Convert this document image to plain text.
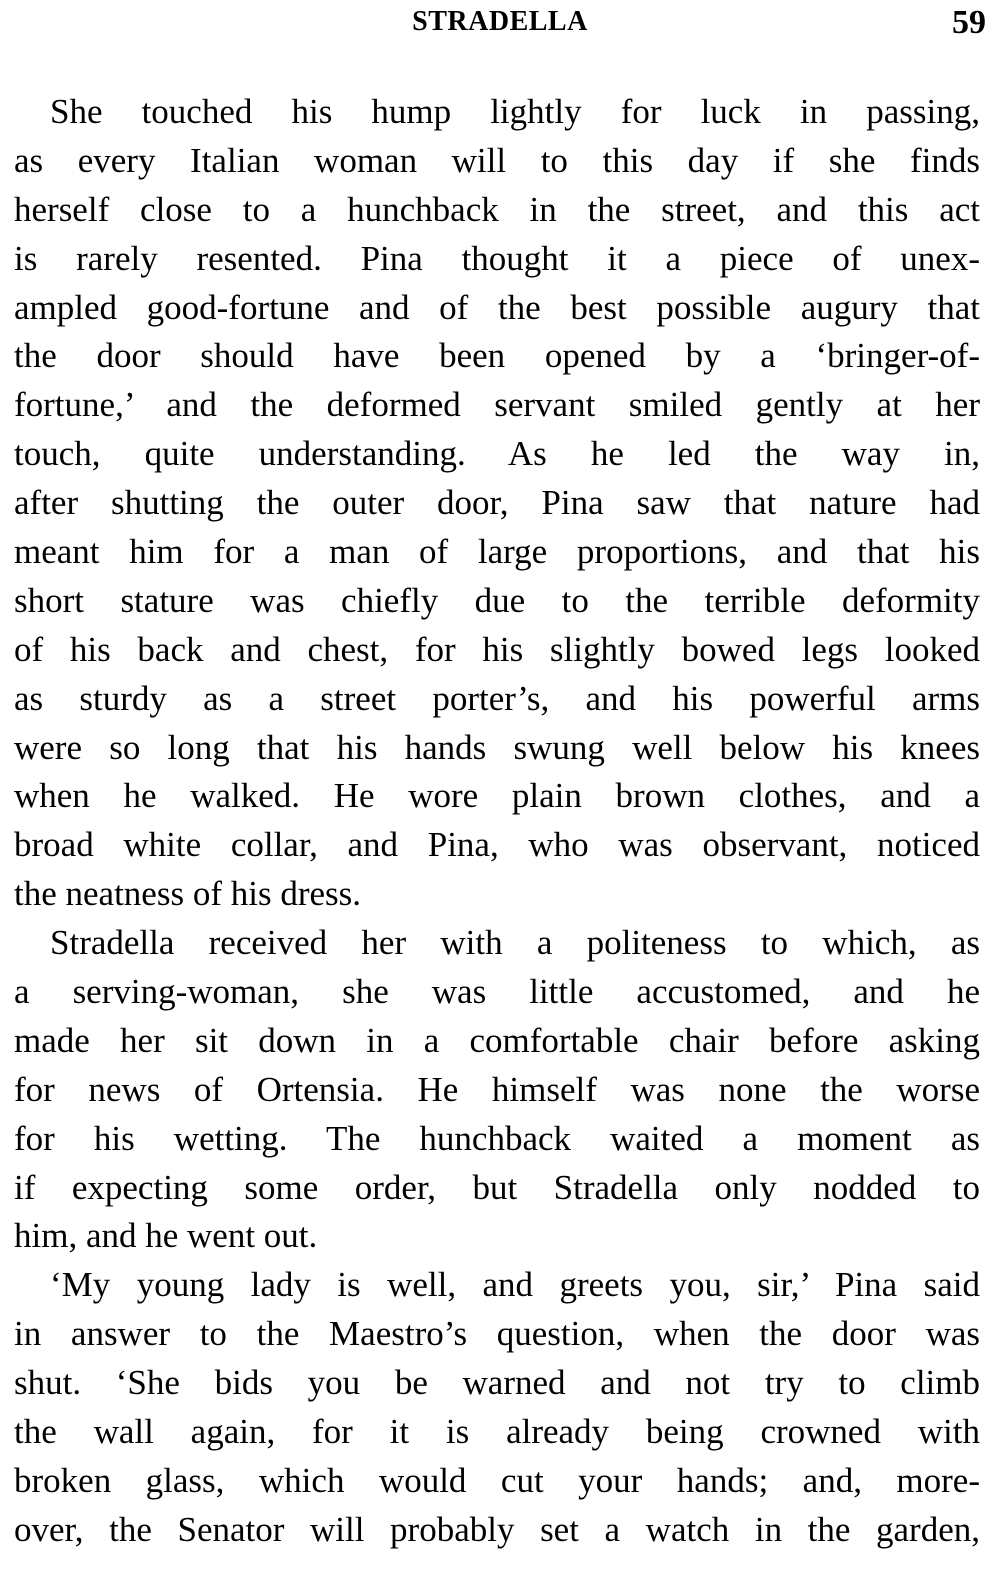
STRADELLA	59
She touched his hump lightly for luck in passing,
as every Italian woman will to this day if she finds
herself close to a hunchback in the street, and this act
is rarely resented. Pina thought it a piece of unex-
ampled good-fortune and of the best possible augury that
the door should have been opened by a ‘bringer-of-
fortune,’ and the deformed servant smiled gently at her
touch, quite understanding. As he led the way in,
after shutting the outer door, Pina saw that nature had
meant him for a man of large proportions, and that his
short stature was chiefly due to the terrible deformity
of his back and chest, for his slightly bowed legs looked
as sturdy as a street porter’s, and his powerful arms
were so long that his hands swung well below his knees
when he walked. He wore plain brown clothes, and a
broad white collar, and Pina, who was observant, noticed
the neatness of his dress.
Stradella received her with a politeness to which, as
a serving-woman, she was little accustomed, and he
made her sit down in a comfortable chair before asking
for news of Ortensia. He himself was none the worse
for his wetting. The hunchback waited a moment as
if expecting some order, but Stradella only nodded to
him, and he went out.
‘My young lady is well, and greets you, sir,’ Pina said
in answer to the Maestro’s question, when the door was
shut. ‘She bids you be warned and not try to climb
the wall again, for it is already being crowned with
broken glass, which would cut your hands; and, more-
over, the Senator will probably set a watch in the garden,
